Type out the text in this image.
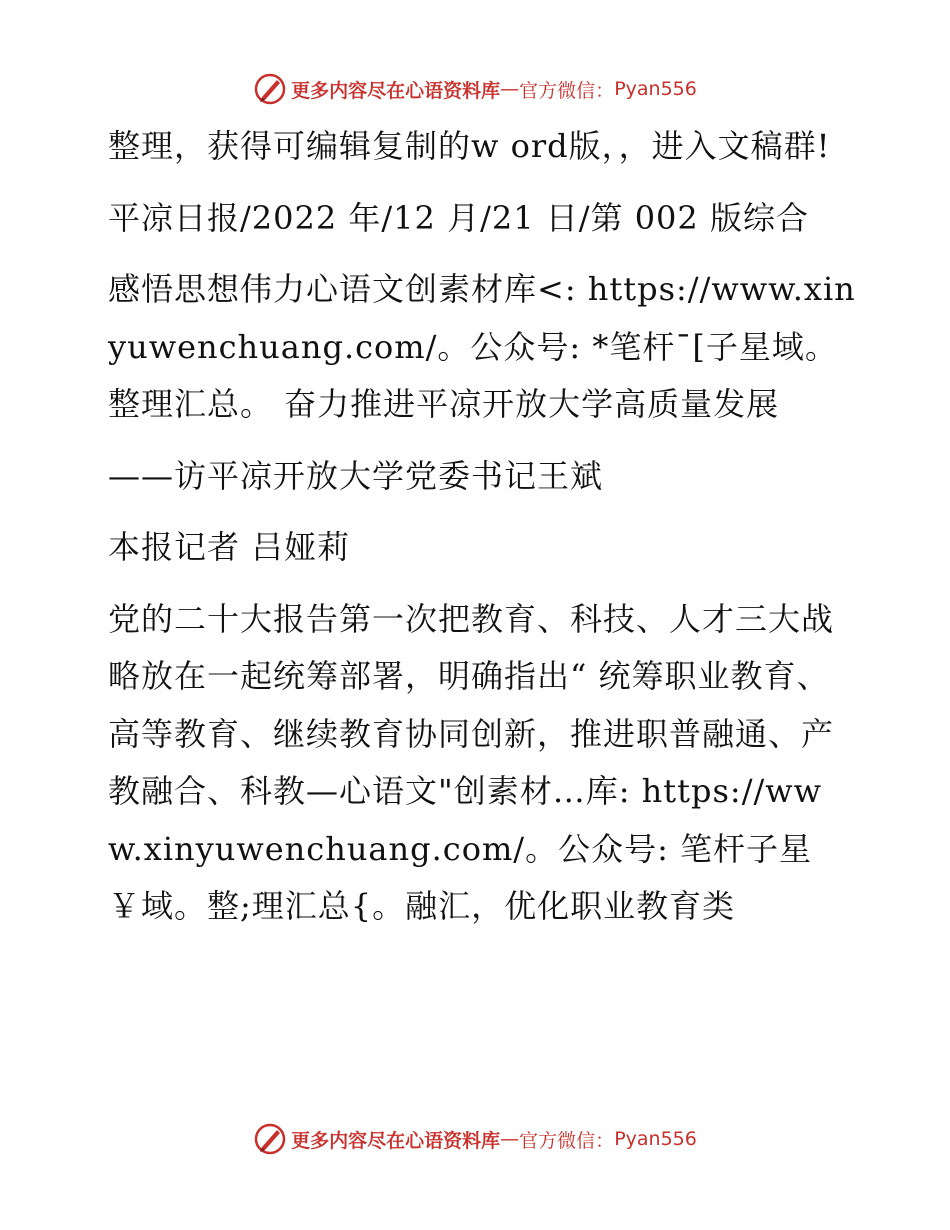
更多内容尽在心语资料库 — 官方微信： Pyan556

整理，获得可编辑复制的w ord版，，进入文稿群!

平凉日报/2022 年/12 月/21 日/第 002 版综合

感悟思想伟力心语文创素材库<: https://www.xinyuwenchuang.com/。公众号: *笔杆¯[子星域。整理汇总。 奋力推进平凉开放大学高质量发展

——访平凉开放大学党委书记王斌

本报记者 吕娅莉

党的二十大报告第一次把教育、科技、人才三大战略放在一起统筹部署，明确指出“ 统筹职业教育、高等教育、继续教育协同创新，推进职普融通、产教融合、科教—心语文"创素材…库: https://www.xinyuwenchuang.com/。公众号: 笔杆子星￥域。整;理汇总{。融汇，优化职业教育类

更多内容尽在心语资料库 — 官方微信： Pyan556
